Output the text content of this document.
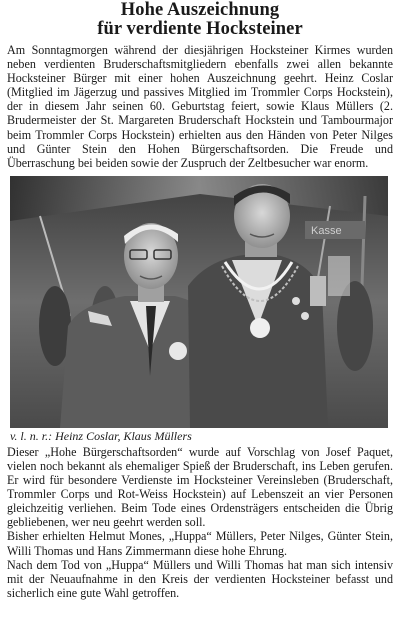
Hohe Auszeichnung
für verdiente Hocksteiner

Am Sonntagmorgen während der diesjährigen Hocksteiner Kirmes wurden neben verdienten Bruderschaftsmitgliedern ebenfalls zwei allen bekannte Hocksteiner Bürger mit einer hohen Auszeichnung geehrt. Heinz Coslar (Mitglied im Jägerzug und passives Mitglied im Trommler Corps Hockstein), der in diesem Jahr seinen 60. Geburtstag feiert, sowie Klaus Müllers (2. Brudermeister der St. Margareten Bruderschaft Hockstein und Tambourmajor beim Trommler Corps Hockstein) erhielten aus den Händen von Peter Nilges und Günter Stein den Hohen Bürgerschaftsorden. Die Freude und Überraschung bei beiden sowie der Zuspruch der Zeltbesucher war enorm.

Kasse

v. l. n. r.: Heinz Coslar, Klaus Müllers

Dieser „Hohe Bürgerschaftsorden“ wurde auf Vorschlag von Josef Paquet, vielen noch bekannt als ehemaliger Spieß der Bruderschaft, ins Leben gerufen. Er wird für besondere Verdienste im Hocksteiner Vereinsleben (Bruderschaft, Trommler Corps und Rot-Weiss Hockstein) auf Lebenszeit an vier Personen gleichzeitig verliehen. Beim Tode eines Ordensträgers entscheiden die Übrig gebliebenen, wer neu geehrt werden soll.

Bisher erhielten Helmut Mones, „Huppa“ Müllers, Peter Nilges, Günter Stein, Willi Thomas und Hans Zimmermann diese hohe Ehrung.

Nach dem Tod von „Huppa“ Müllers und Willi Thomas hat man sich intensiv mit der Neuaufnahme in den Kreis der verdienten Hocksteiner befasst und sicherlich eine gute Wahl getroffen.
